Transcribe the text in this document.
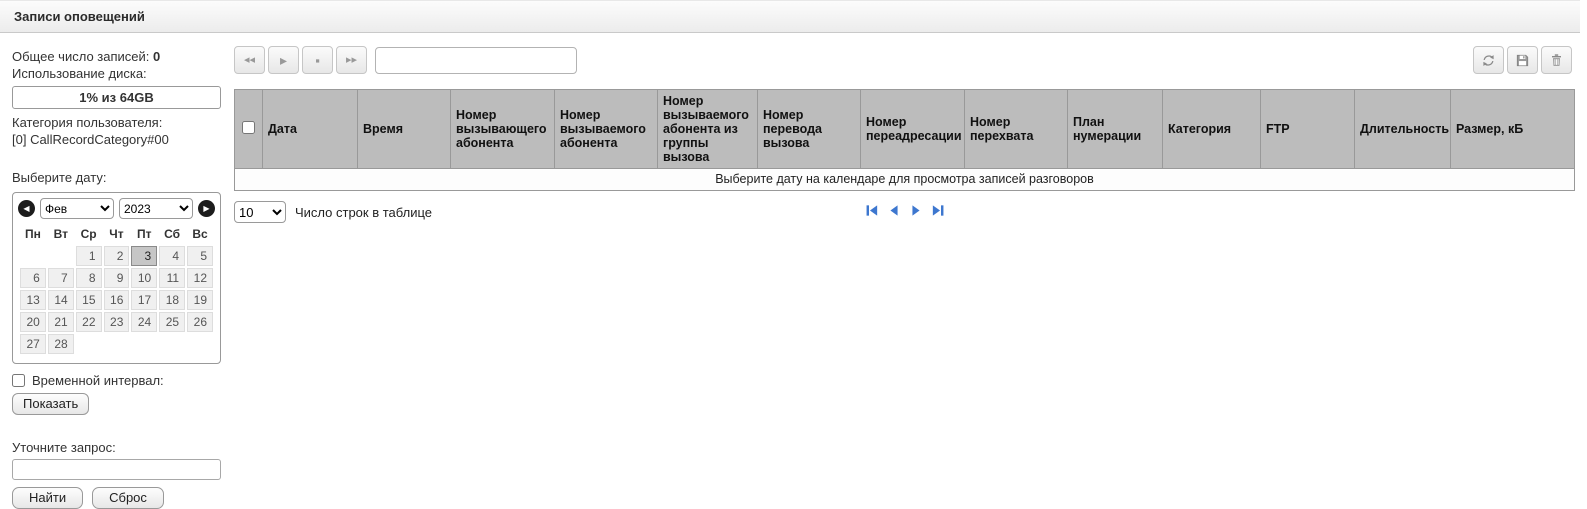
Записи оповещений
Общее число записей: 0
Использование диска:
1% из 64GB
Категория пользователя:
[0] CallRecordCategory#00
Выберите дату:
◀
Фев
2023	▶
Пн	Вт	Ср	Чт	Пт	Сб	Вс

		1	2	3	4	5

6	7	8	9	10	11	12

13	14	15	16	17	18	19

20	21	22	23	24	25	26

27	28					

Временной интервал:
Показать
Уточните запрос:
Найти	Сброс
◂◂ ▸ ▪ ▸▸
	Дата	Время	Номер вызывающего абонента	Номер вызываемого абонента	Номер вызываемого абонента из группы вызова	Номер перевода вызова	Номер переадресации	Номер перехвата	План нумерации	Категория	FTP	Длительность	Размер, кБ
Выберите дату на календаре для просмотра записей разговоров
10
Число строк в таблице
